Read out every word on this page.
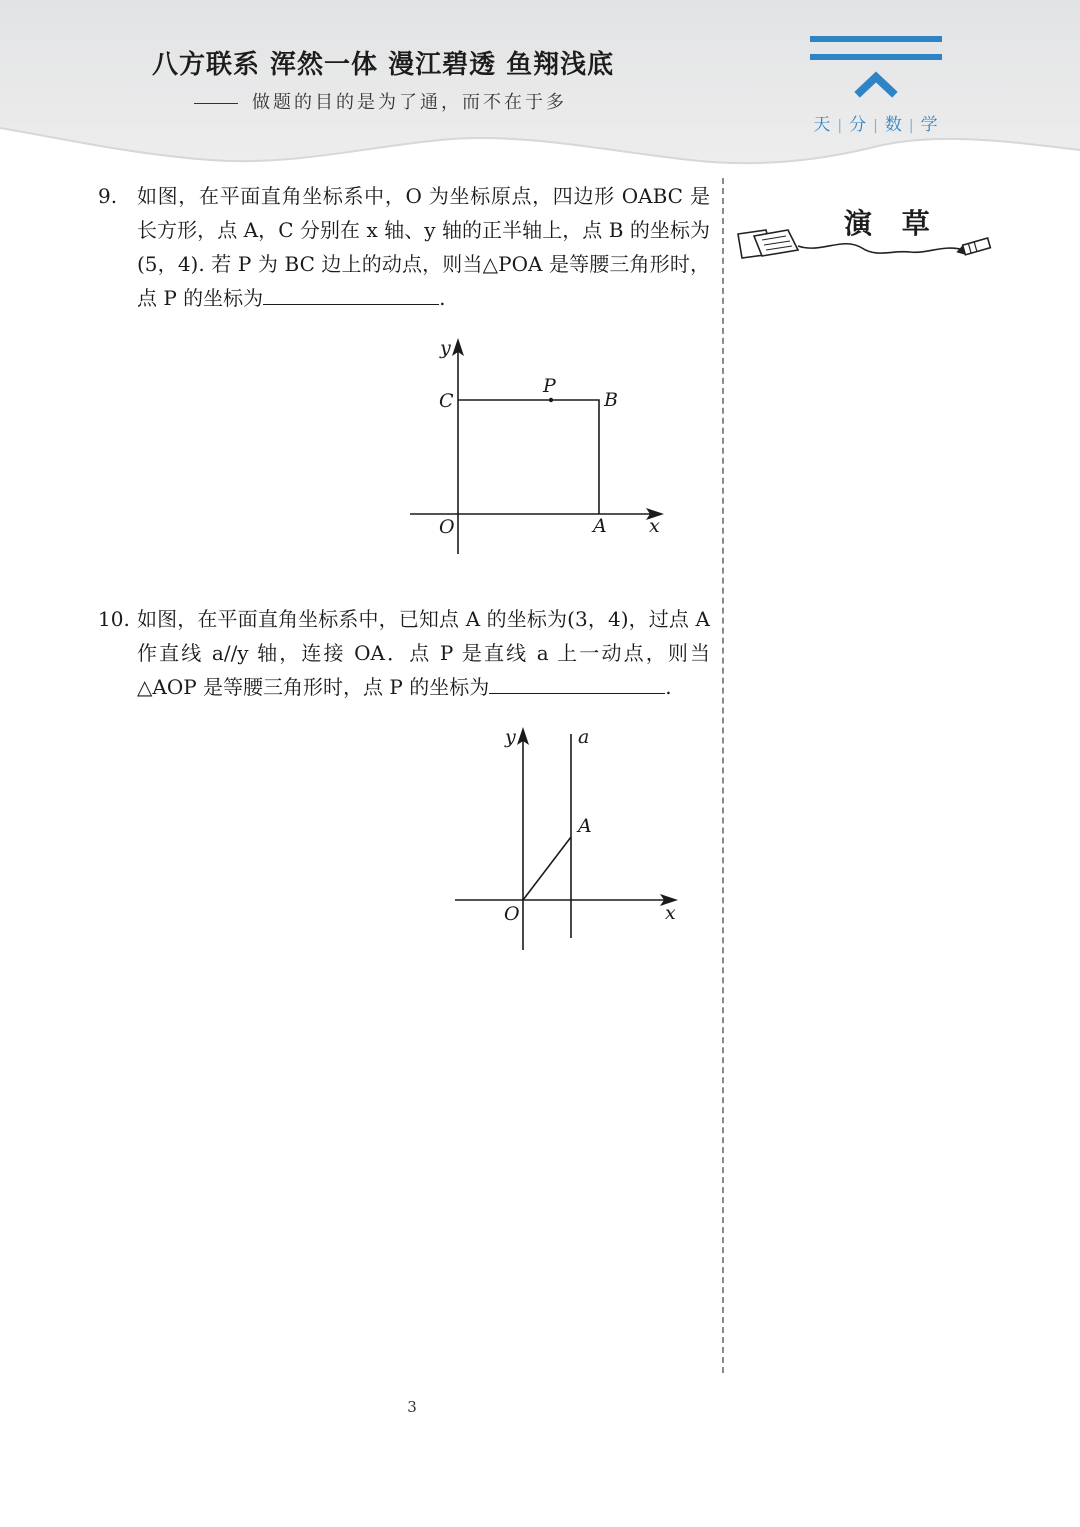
八方联系 浑然一体 漫江碧透 鱼翔浅底
做题的目的是为了通，而不在于多
天 | 分 | 数 | 学
演 草
9. 如图，在平面直角坐标系中，O 为坐标原点，四边形 OABC 是长方形，点 A，C 分别在 x 轴、y 轴的正半轴上，点 B 的坐标为(5，4). 若 P 为 BC 边上的动点，则当△POA 是等腰三角形时，点 P 的坐标为	.
y
C
P
B
O	A x
10. 如图，在平面直角坐标系中，已知点 A 的坐标为(3，4)，过点 A 作直线 a//y 轴，连接 OA．点 P 是直线 a 上一动点，则当△AOP 是等腰三角形时，点 P 的坐标为	.
y	a
A
O	x
3
